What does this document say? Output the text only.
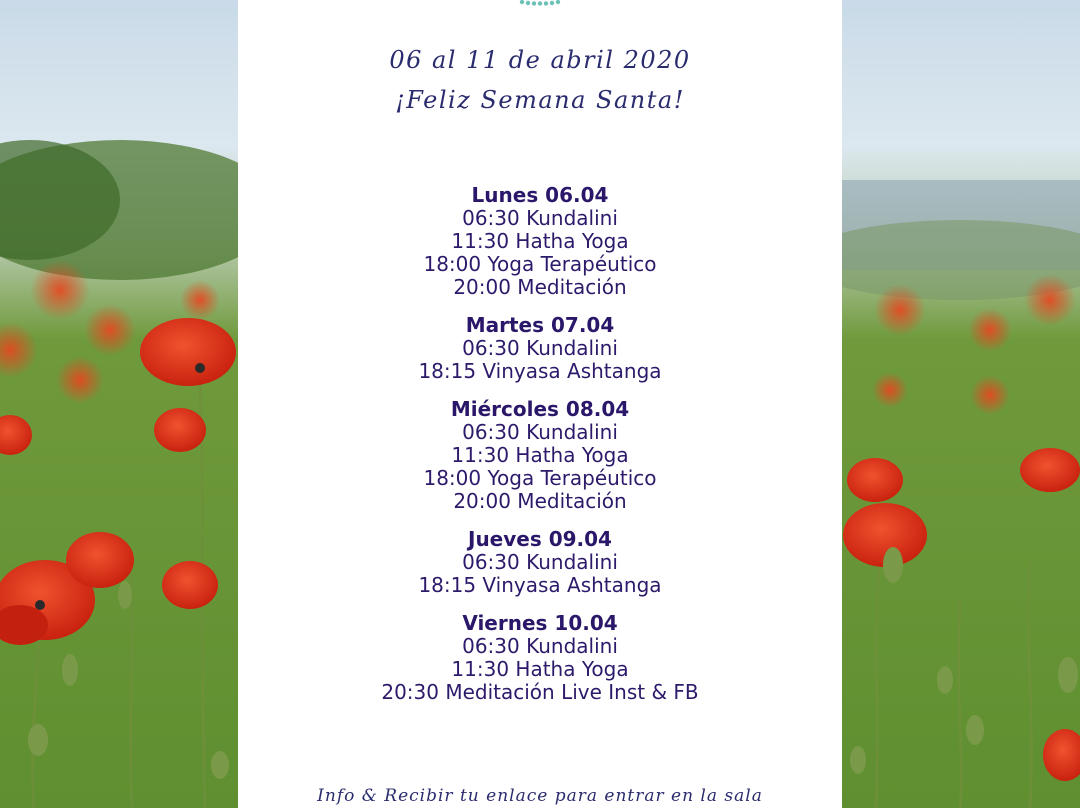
06 al 11 de abril 2020
¡Feliz Semana Santa!
Lunes 06.04
06:30 Kundalini
11:30 Hatha Yoga
18:00 Yoga Terapéutico
20:00 Meditación
Martes 07.04
06:30 Kundalini
18:15 Vinyasa Ashtanga
Miércoles 08.04
06:30 Kundalini
11:30 Hatha Yoga
18:00 Yoga Terapéutico
20:00 Meditación
Jueves 09.04
06:30 Kundalini
18:15 Vinyasa Ashtanga
Viernes 10.04
06:30 Kundalini
11:30 Hatha Yoga
20:30 Meditación Live Inst & FB
Info & Recibir tu enlace para entrar en la sala
